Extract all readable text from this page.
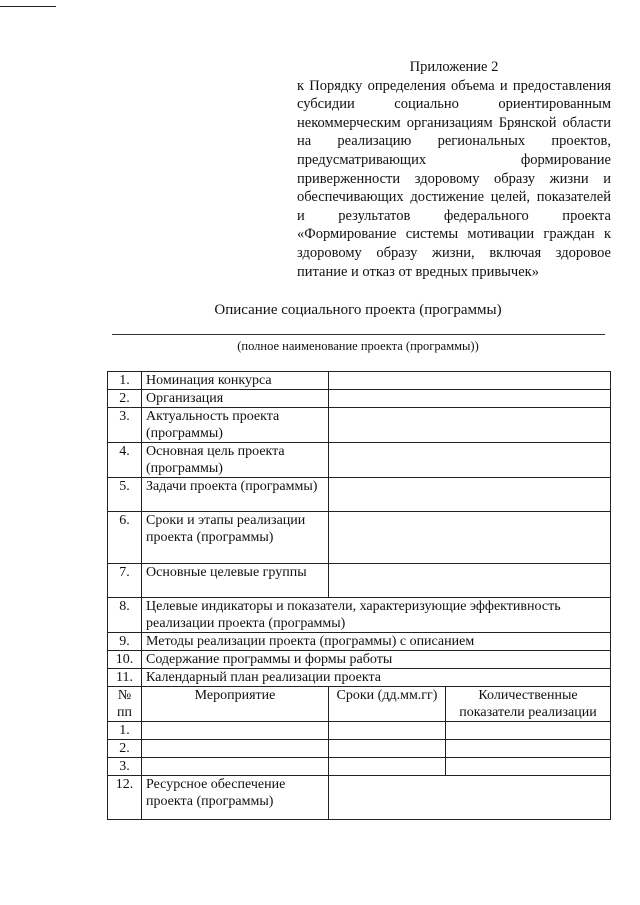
Приложение 2
к Порядку определения объема и предоставления субсидии социально ориентированным некоммерческим организациям Брянской области на реализацию региональных проектов, предусматривающих формирование приверженности здоровому образу жизни и обеспечивающих достижение целей, показателей и результатов федерального проекта «Формирование системы мотивации граждан к здоровому образу жизни, включая здоровое питание и отказ от вредных привычек»
Описание социального проекта (программы)
(полное наименование проекта (программы))
1.	Номинация конкурса		
2.	Организация		
3.	Актуальность проекта (программы)		
4.	Основная цель проекта (программы)		
5.	Задачи проекта (программы)		
6.	Сроки и этапы реализации проекта (программы)		
7.	Основные целевые группы		
8.	Целевые индикаторы и показатели, характеризующие эффективность реализации проекта (программы)		
9.	Методы реализации проекта (программы) с описанием		
10.	Содержание программы и формы работы		
11.	Календарный план реализации проекта		
№ пп	Мероприятие	Сроки (дд.мм.гг)	Количественные показатели реализации
1.			
2.			
3.			
12.	Ресурсное обеспечение проекта (программы)		
